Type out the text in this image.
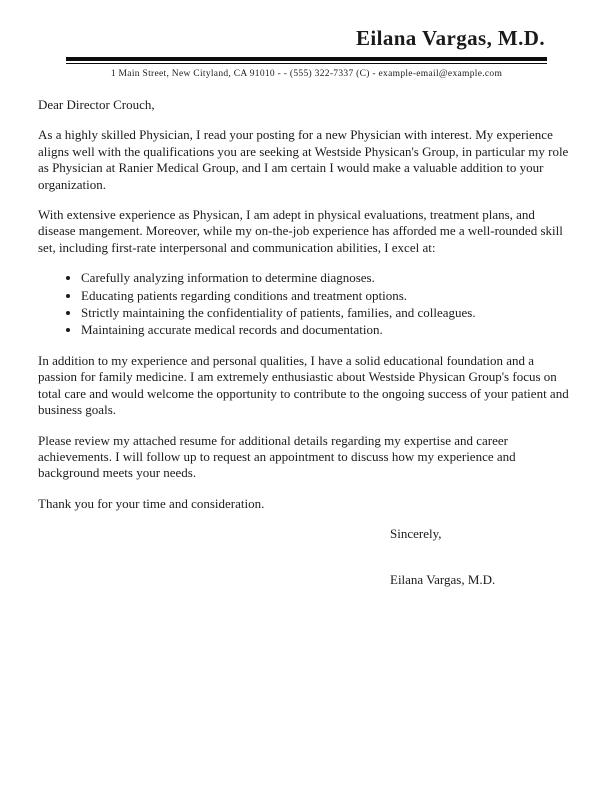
Eilana Vargas, M.D.
1 Main Street, New Cityland, CA 91010 - - (555) 322-7337 (C) - example-email@example.com

Dear Director Crouch,

As a highly skilled Physician, I read your posting for a new Physician with interest. My experience aligns well with the qualifications you are seeking at Westside Physican's Group, in particular my role as Physician at Ranier Medical Group, and I am certain I would make a valuable addition to your organization.

With extensive experience as Physican, I am adept in physical evaluations, treatment plans, and disease mangement. Moreover, while my on-the-job experience has afforded me a well-rounded skill set, including first-rate interpersonal and communication abilities, I excel at:

• Carefully analyzing information to determine diagnoses.
• Educating patients regarding conditions and treatment options.
• Strictly maintaining the confidentiality of patients, families, and colleagues.
• Maintaining accurate medical records and documentation.

In addition to my experience and personal qualities, I have a solid educational foundation and a passion for family medicine. I am extremely enthusiastic about Westside Physican Group's focus on total care and would welcome the opportunity to contribute to the ongoing success of your patient and business goals.

Please review my attached resume for additional details regarding my expertise and career achievements. I will follow up to request an appointment to discuss how my experience and background meets your needs.

Thank you for your time and consideration.

Sincerely,

Eilana Vargas, M.D.
